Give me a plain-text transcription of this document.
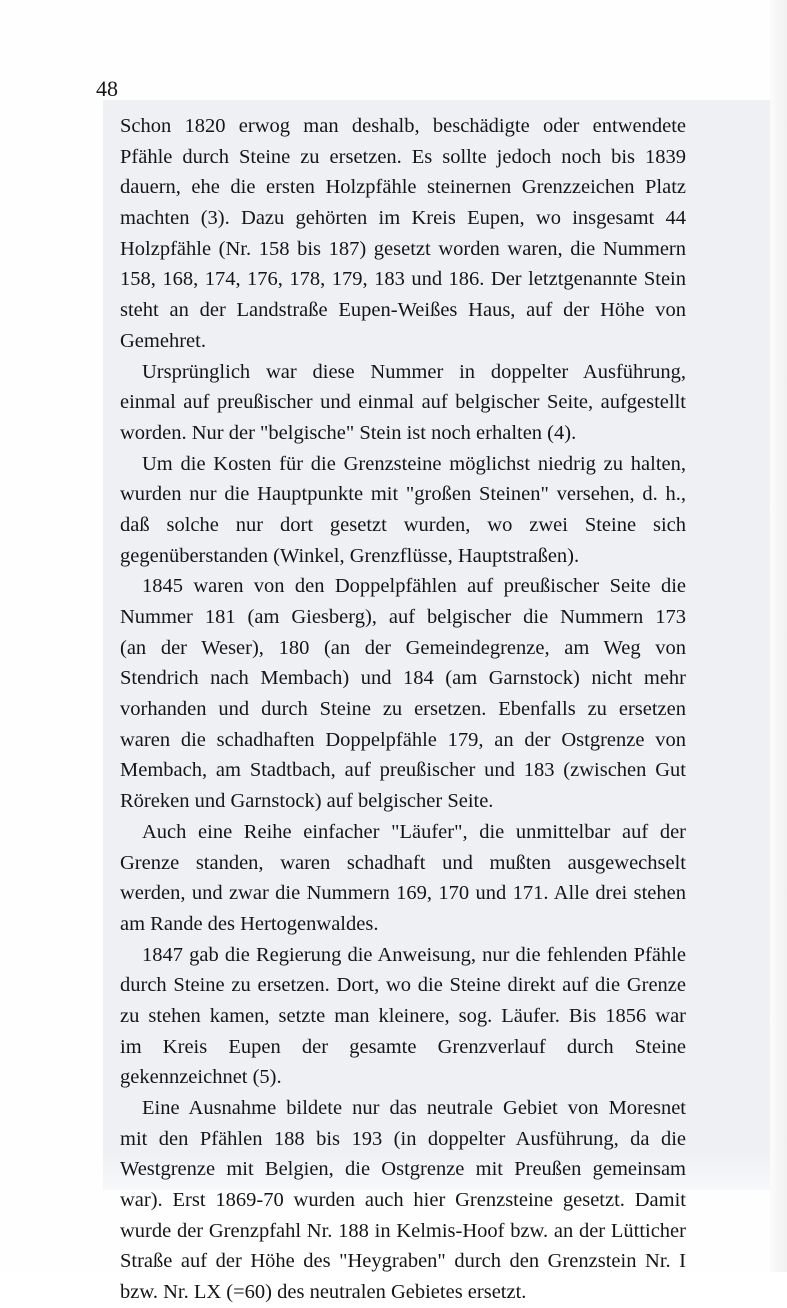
48

Schon 1820 erwog man deshalb, beschädigte oder entwendete
Pfähle durch Steine zu ersetzen. Es sollte jedoch noch bis 1839
dauern, ehe die ersten Holzpfähle steinernen Grenzzeichen Platz
machten (3). Dazu gehörten im Kreis Eupen, wo insgesamt 44
Holzpfähle (Nr. 158 bis 187) gesetzt worden waren, die Nummern
158, 168, 174, 176, 178, 179, 183 und 186. Der letztgenannte Stein
steht an der Landstraße Eupen-Weißes Haus, auf der Höhe von
Gemehret.
Ursprünglich war diese Nummer in doppelter Ausführung,
einmal auf preußischer und einmal auf belgischer Seite, aufgestellt
worden. Nur der "belgische" Stein ist noch erhalten (4).
Um die Kosten für die Grenzsteine möglichst niedrig zu halten,
wurden nur die Hauptpunkte mit "großen Steinen" versehen, d. h.,
daß solche nur dort gesetzt wurden, wo zwei Steine sich
gegenüberstanden (Winkel, Grenzflüsse, Hauptstraßen).
1845 waren von den Doppelpfählen auf preußischer Seite die
Nummer 181 (am Giesberg), auf belgischer die Nummern 173
(an der Weser), 180 (an der Gemeindegrenze, am Weg von
Stendrich nach Membach) und 184 (am Garnstock) nicht mehr
vorhanden und durch Steine zu ersetzen. Ebenfalls zu ersetzen
waren die schadhaften Doppelpfähle 179, an der Ostgrenze von
Membach, am Stadtbach, auf preußischer und 183 (zwischen Gut
Röreken und Garnstock) auf belgischer Seite.
Auch eine Reihe einfacher "Läufer", die unmittelbar auf der
Grenze standen, waren schadhaft und mußten ausgewechselt
werden, und zwar die Nummern 169, 170 und 171. Alle drei stehen
am Rande des Hertogenwaldes.
1847 gab die Regierung die Anweisung, nur die fehlenden Pfähle
durch Steine zu ersetzen. Dort, wo die Steine direkt auf die Grenze
zu stehen kamen, setzte man kleinere, sog. Läufer. Bis 1856 war
im Kreis Eupen der gesamte Grenzverlauf durch Steine
gekennzeichnet (5).
Eine Ausnahme bildete nur das neutrale Gebiet von Moresnet
mit den Pfählen 188 bis 193 (in doppelter Ausführung, da die
Westgrenze mit Belgien, die Ostgrenze mit Preußen gemeinsam
war). Erst 1869-70 wurden auch hier Grenzsteine gesetzt. Damit
wurde der Grenzpfahl Nr. 188 in Kelmis-Hoof bzw. an der Lütticher
Straße auf der Höhe des "Heygraben" durch den Grenzstein Nr. I
bzw. Nr. LX (=60) des neutralen Gebietes ersetzt.
